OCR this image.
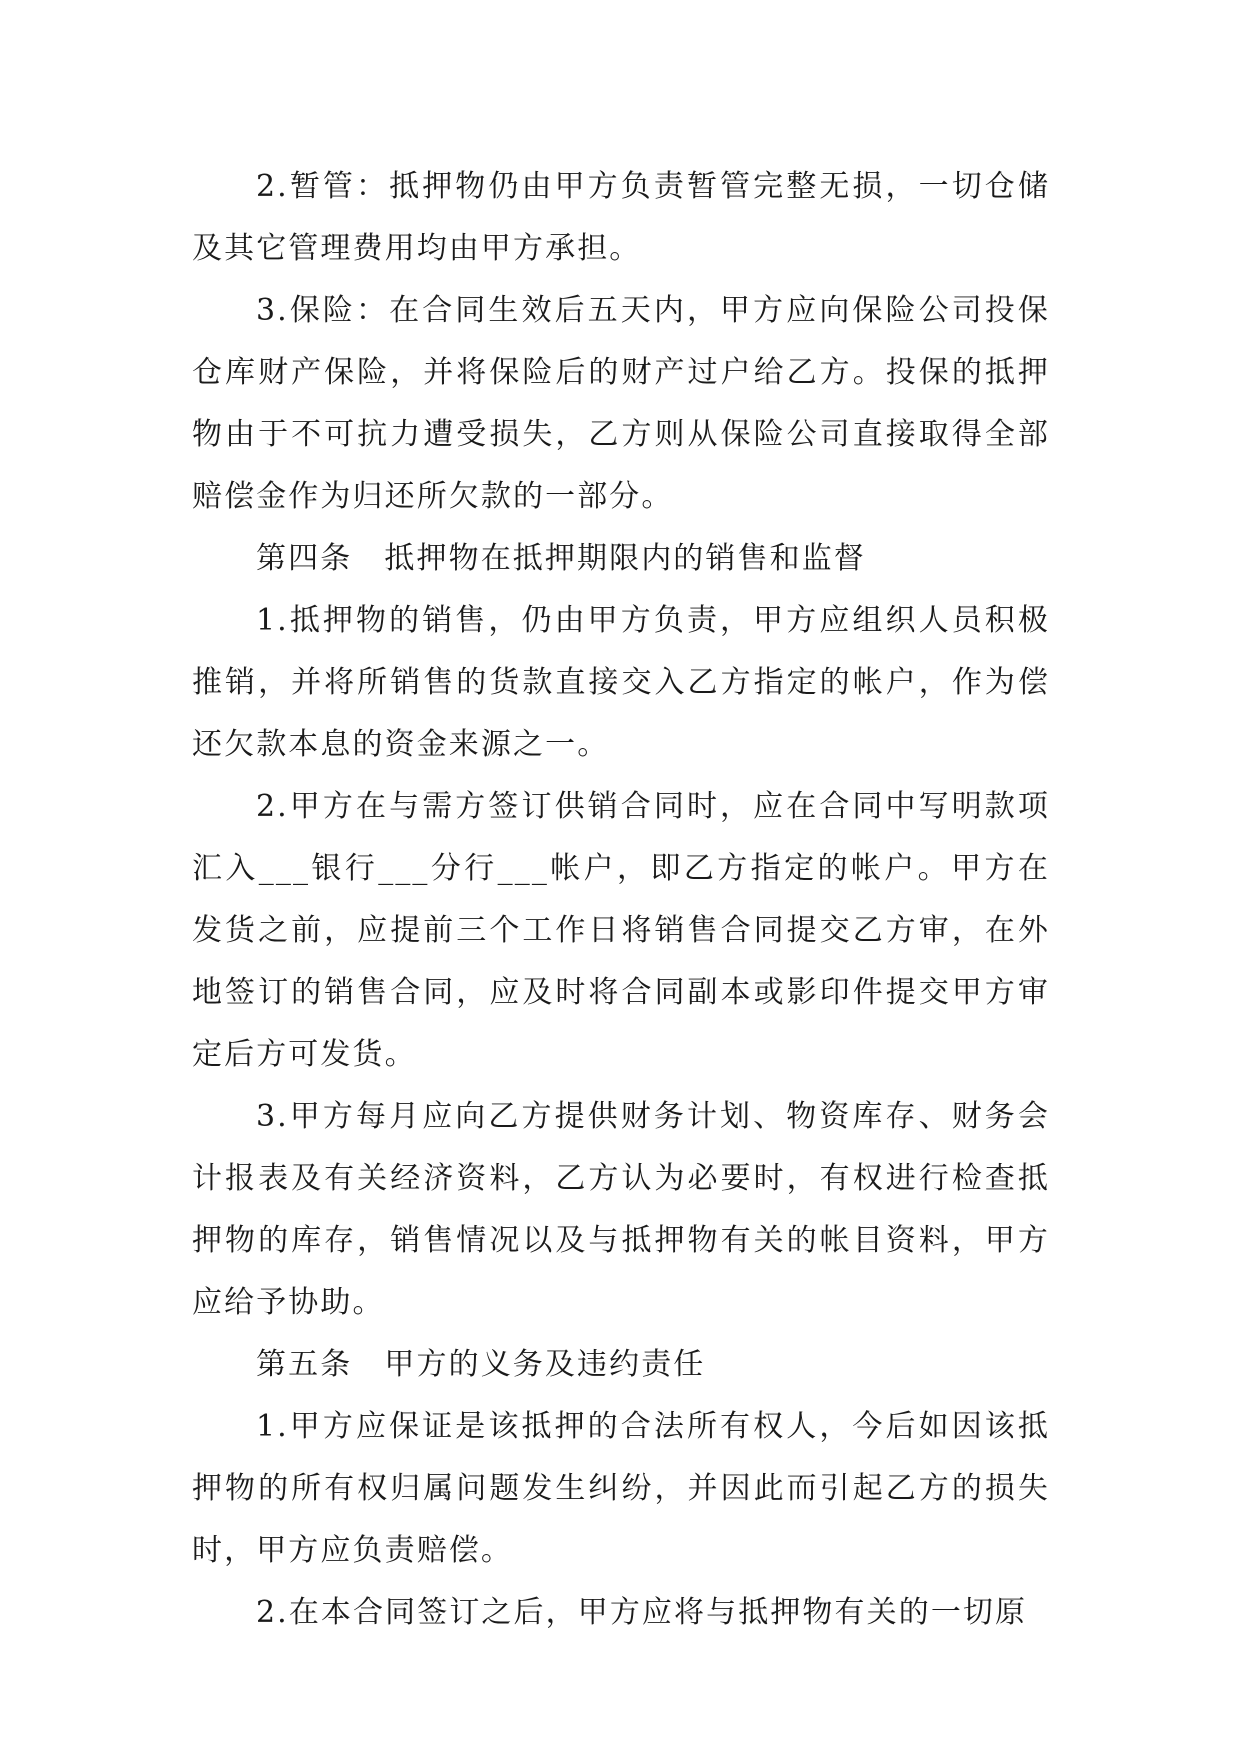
2.暂管：抵押物仍由甲方负责暂管完整无损，一切仓储及其它管理费用均由甲方承担。

3.保险：在合同生效后五天内，甲方应向保险公司投保仓库财产保险，并将保险后的财产过户给乙方。投保的抵押物由于不可抗力遭受损失，乙方则从保险公司直接取得全部赔偿金作为归还所欠款的一部分。

第四条　抵押物在抵押期限内的销售和监督

1.抵押物的销售，仍由甲方负责，甲方应组织人员积极推销，并将所销售的货款直接交入乙方指定的帐户，作为偿还欠款本息的资金来源之一。

2.甲方在与需方签订供销合同时，应在合同中写明款项汇入___银行___分行___帐户，即乙方指定的帐户。甲方在发货之前，应提前三个工作日将销售合同提交乙方审，在外地签订的销售合同，应及时将合同副本或影印件提交甲方审定后方可发货。

3.甲方每月应向乙方提供财务计划、物资库存、财务会计报表及有关经济资料，乙方认为必要时，有权进行检查抵押物的库存，销售情况以及与抵押物有关的帐目资料，甲方应给予协助。

第五条　甲方的义务及违约责任

1.甲方应保证是该抵押的合法所有权人，今后如因该抵押物的所有权归属问题发生纠纷，并因此而引起乙方的损失时，甲方应负责赔偿。

2.在本合同签订之后，甲方应将与抵押物有关的一切原
